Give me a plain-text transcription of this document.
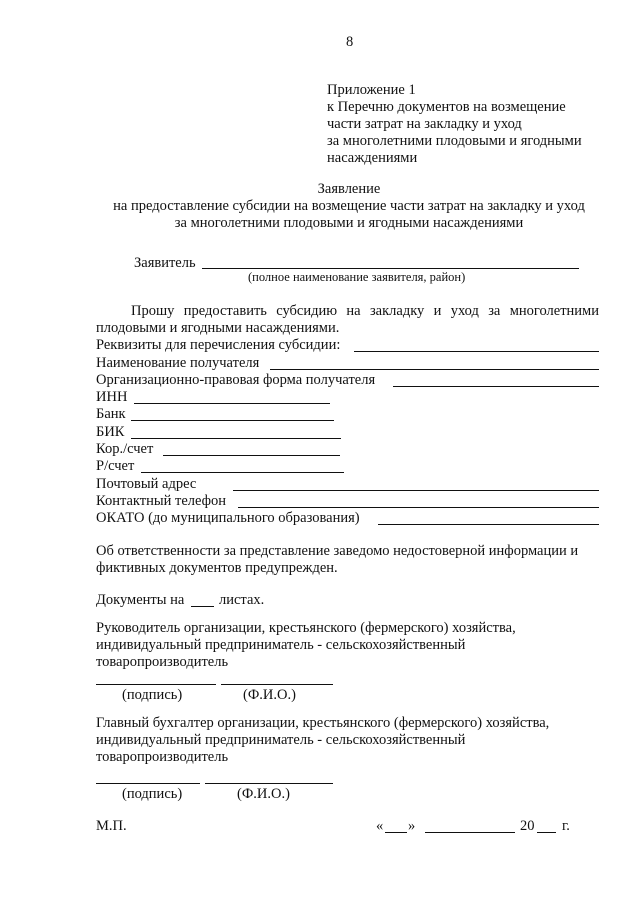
8
Приложение 1
к Перечню документов на возмещение
части затрат на закладку и уход
за многолетними плодовыми и ягодными
насаждениями
Заявление
на предоставление субсидии на возмещение части затрат на закладку и уход
за многолетними плодовыми и ягодными насаждениями
Заявитель
(полное наименование заявителя, район)
Прошу предоставить субсидию на закладку и уход за многолетними
плодовыми и ягодными насаждениями.
Реквизиты для перечисления субсидии:
Наименование получателя
Организационно-правовая форма получателя
ИНН
Банк
БИК
Кор./счет
Р/счет
Почтовый адрес
Контактный телефон
ОКАТО (до муниципального образования)
Об ответственности за представление заведомо недостоверной информации и
фиктивных документов предупрежден.
Документы на листах.
Руководитель организации, крестьянского (фермерского) хозяйства,
индивидуальный предприниматель - сельскохозяйственный
товаропроизводитель
(подпись)	(Ф.И.О.)
Главный бухгалтер организации, крестьянского (фермерского) хозяйства,
индивидуальный предприниматель - сельскохозяйственный
товаропроизводитель
(подпись)	(Ф.И.О.)
М.П.	« »	20 г.
